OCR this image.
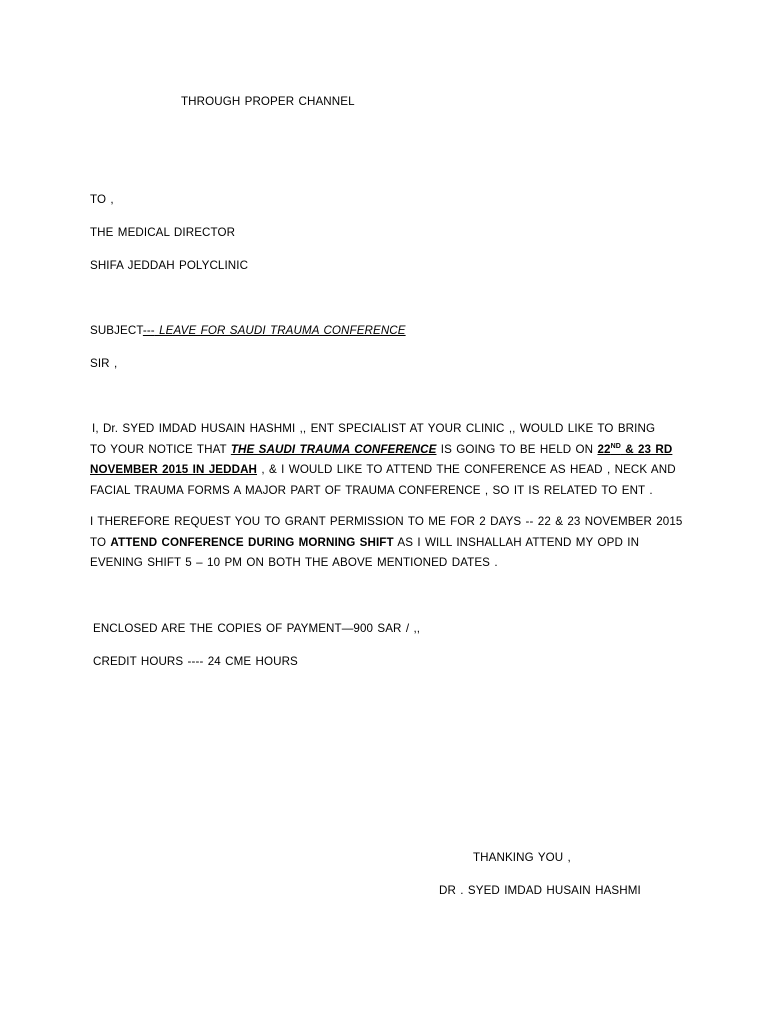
THROUGH PROPER CHANNEL
TO ,
THE MEDICAL DIRECTOR
SHIFA JEDDAH POLYCLINIC
SUBJECT--- LEAVE FOR SAUDI TRAUMA CONFERENCE
SIR ,
I, Dr. SYED IMDAD HUSAIN HASHMI ,, ENT SPECIALIST AT YOUR CLINIC ,, WOULD LIKE TO BRING
TO YOUR NOTICE THAT THE SAUDI TRAUMA CONFERENCE IS GOING TO BE HELD ON 22ND & 23 RD
NOVEMBER 2015 IN JEDDAH , & I WOULD LIKE TO ATTEND THE CONFERENCE AS HEAD , NECK AND
FACIAL TRAUMA FORMS A MAJOR PART OF TRAUMA CONFERENCE , SO IT IS RELATED TO ENT .
I THEREFORE REQUEST YOU TO GRANT PERMISSION TO ME FOR 2 DAYS -- 22 & 23 NOVEMBER 2015
TO ATTEND CONFERENCE DURING MORNING SHIFT AS I WILL INSHALLAH ATTEND MY OPD IN
EVENING SHIFT 5 – 10 PM ON BOTH THE ABOVE MENTIONED DATES .
ENCLOSED ARE THE COPIES OF PAYMENT—900 SAR / ,,
CREDIT HOURS ---- 24 CME HOURS
THANKING YOU ,
DR . SYED IMDAD HUSAIN HASHMI
